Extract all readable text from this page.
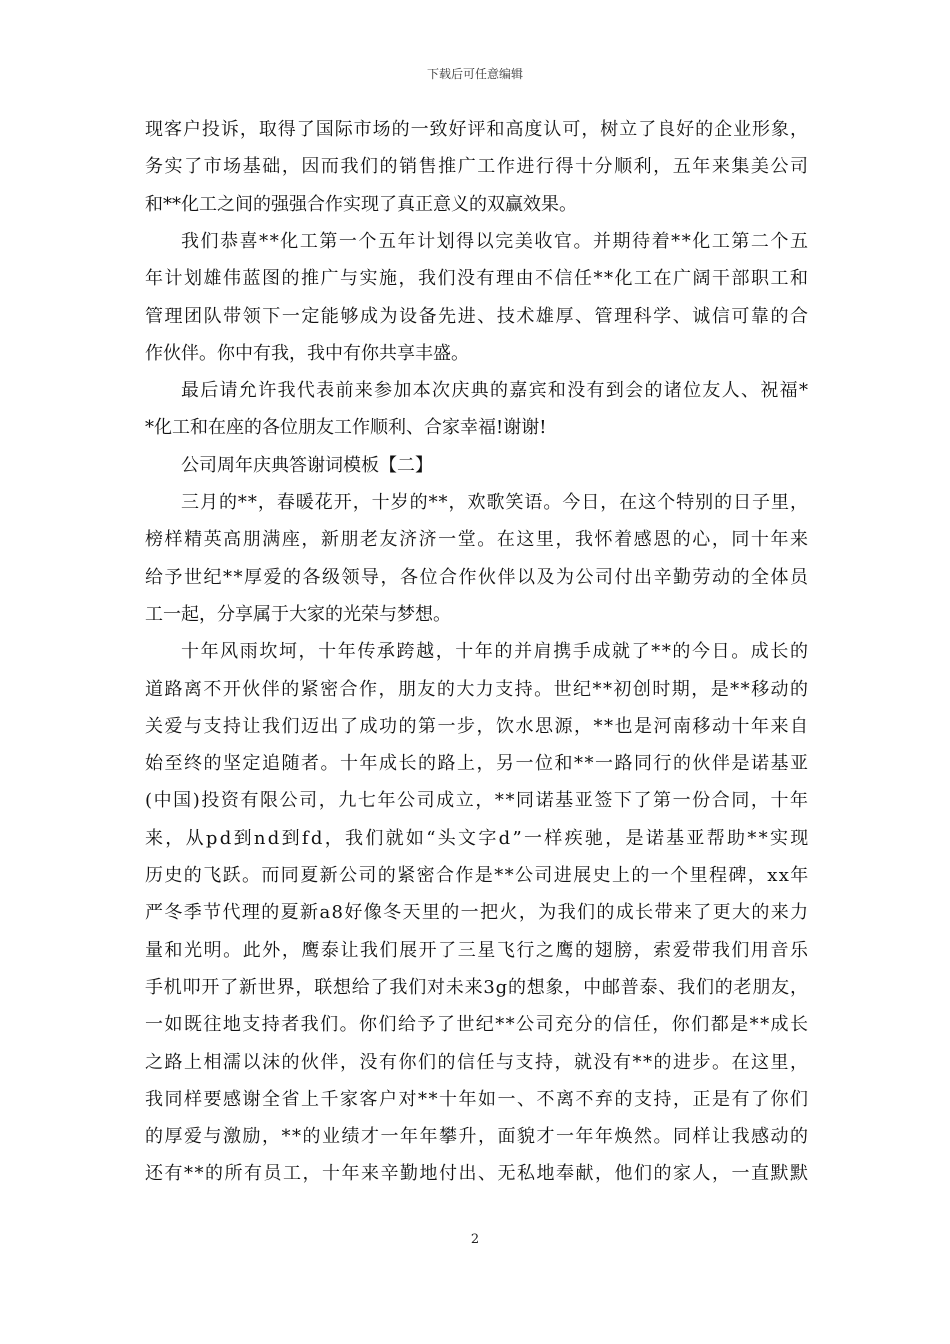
下载后可任意编辑
现客户投诉，取得了国际市场的一致好评和高度认可，树立了良好的企业形象，
务实了市场基础，因而我们的销售推广工作进行得十分顺利，五年来集美公司
和**化工之间的强强合作实现了真正意义的双赢效果。
我们恭喜**化工第一个五年计划得以完美收官。并期待着**化工第二个五
年计划雄伟蓝图的推广与实施，我们没有理由不信任**化工在广阔干部职工和
管理团队带领下一定能够成为设备先进、技术雄厚、管理科学、诚信可靠的合
作伙伴。你中有我，我中有你共享丰盛。
最后请允许我代表前来参加本次庆典的嘉宾和没有到会的诸位友人、祝福*
*化工和在座的各位朋友工作顺利、合家幸福!谢谢!
公司周年庆典答谢词模板【二】
三月的**，春暖花开，十岁的**，欢歌笑语。今日，在这个特别的日子里，
榜样精英高朋满座，新朋老友济济一堂。在这里，我怀着感恩的心，同十年来
给予世纪**厚爱的各级领导，各位合作伙伴以及为公司付出辛勤劳动的全体员
工一起，分享属于大家的光荣与梦想。
十年风雨坎坷，十年传承跨越，十年的并肩携手成就了**的今日。成长的
道路离不开伙伴的紧密合作，朋友的大力支持。世纪**初创时期，是**移动的
关爱与支持让我们迈出了成功的第一步，饮水思源，**也是河南移动十年来自
始至终的坚定追随者。十年成长的路上，另一位和**一路同行的伙伴是诺基亚
(中国)投资有限公司，九七年公司成立，**同诺基亚签下了第一份合同，十年
来，从pd到nd到fd，我们就如“头文字d”一样疾驰，是诺基亚帮助**实现
历史的飞跃。而同夏新公司的紧密合作是**公司进展史上的一个里程碑，xx年
严冬季节代理的夏新a8好像冬天里的一把火，为我们的成长带来了更大的来力
量和光明。此外，鹰泰让我们展开了三星飞行之鹰的翅膀，索爱带我们用音乐
手机叩开了新世界，联想给了我们对未来3g的想象，中邮普泰、我们的老朋友，
一如既往地支持者我们。你们给予了世纪**公司充分的信任，你们都是**成长
之路上相濡以沫的伙伴，没有你们的信任与支持，就没有**的进步。在这里，
我同样要感谢全省上千家客户对**十年如一、不离不弃的支持，正是有了你们
的厚爱与激励，**的业绩才一年年攀升，面貌才一年年焕然。同样让我感动的
还有**的所有员工，十年来辛勤地付出、无私地奉献，他们的家人，一直默默
2
